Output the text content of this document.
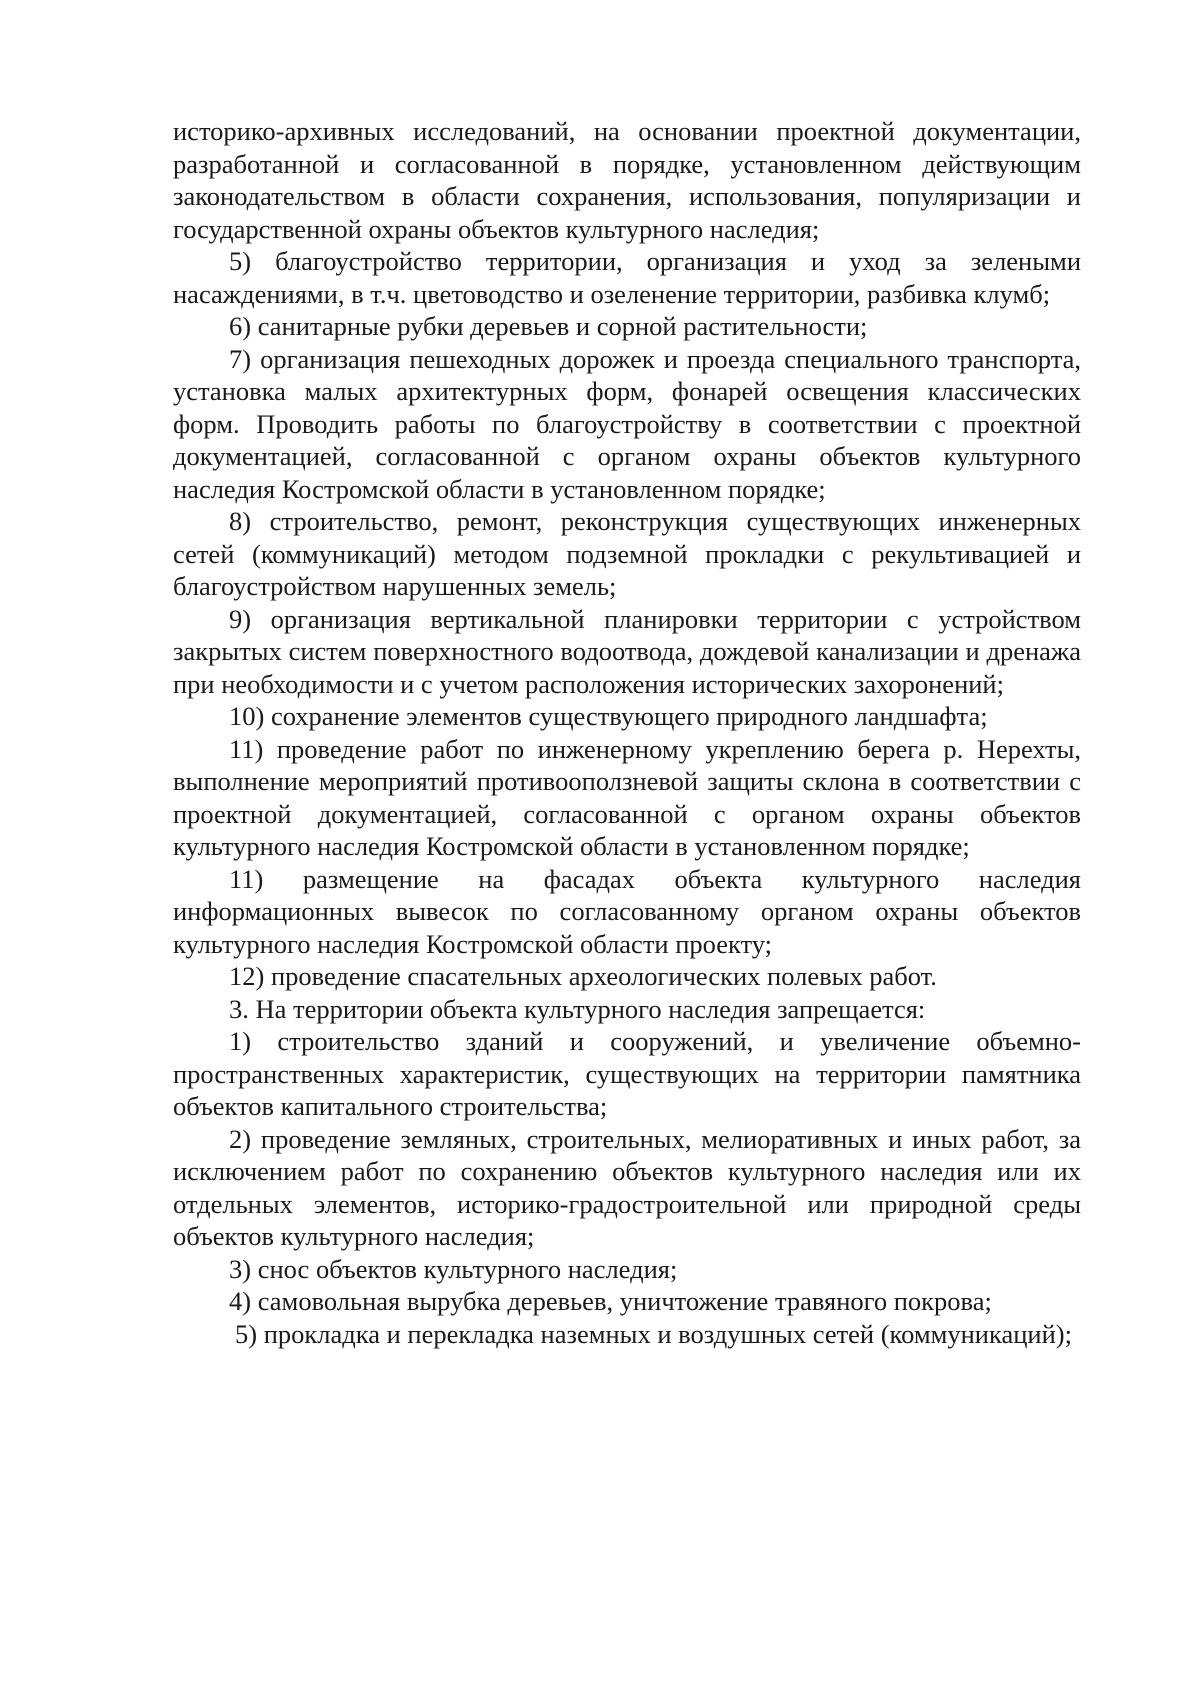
историко-архивных исследований, на основании проектной документации, разработанной и согласованной в порядке, установленном действующим законодательством в области сохранения, использования, популяризации и государственной охраны объектов культурного наследия;

5) благоустройство территории, организация и уход за зелеными насаждениями, в т.ч. цветоводство и озеленение территории, разбивка клумб;

6) санитарные рубки деревьев и сорной растительности;

7) организация пешеходных дорожек и проезда специального транспорта, установка малых архитектурных форм, фонарей освещения классических форм. Проводить работы по благоустройству в соответствии с проектной документацией, согласованной с органом охраны объектов культурного наследия Костромской области в установленном порядке;

8) строительство, ремонт, реконструкция существующих инженерных сетей (коммуникаций) методом подземной прокладки с рекультивацией и благоустройством нарушенных земель;

9) организация вертикальной планировки территории с устройством закрытых систем поверхностного водоотвода, дождевой канализации и дренажа при необходимости и с учетом расположения исторических захоронений;

10) сохранение элементов существующего природного ландшафта;

11) проведение работ по инженерному укреплению берега р. Нерехты, выполнение мероприятий противооползневой защиты склона в соответствии с проектной документацией, согласованной с органом охраны объектов культурного наследия Костромской области в установленном порядке;

11) размещение на фасадах объекта культурного наследия информационных вывесок по согласованному органом охраны объектов культурного наследия Костромской области проекту;

12) проведение спасательных археологических полевых работ.

3. На территории объекта культурного наследия запрещается:

1) строительство зданий и сооружений, и увеличение объемно-пространственных характеристик, существующих на территории памятника объектов капитального строительства;

2) проведение земляных, строительных, мелиоративных и иных работ, за исключением работ по сохранению объектов культурного наследия или их отдельных элементов, историко-градостроительной или природной среды объектов культурного наследия;

3) снос объектов культурного наследия;

4) самовольная вырубка деревьев, уничтожение травяного покрова;

5) прокладка и перекладка наземных и воздушных сетей (коммуникаций);
